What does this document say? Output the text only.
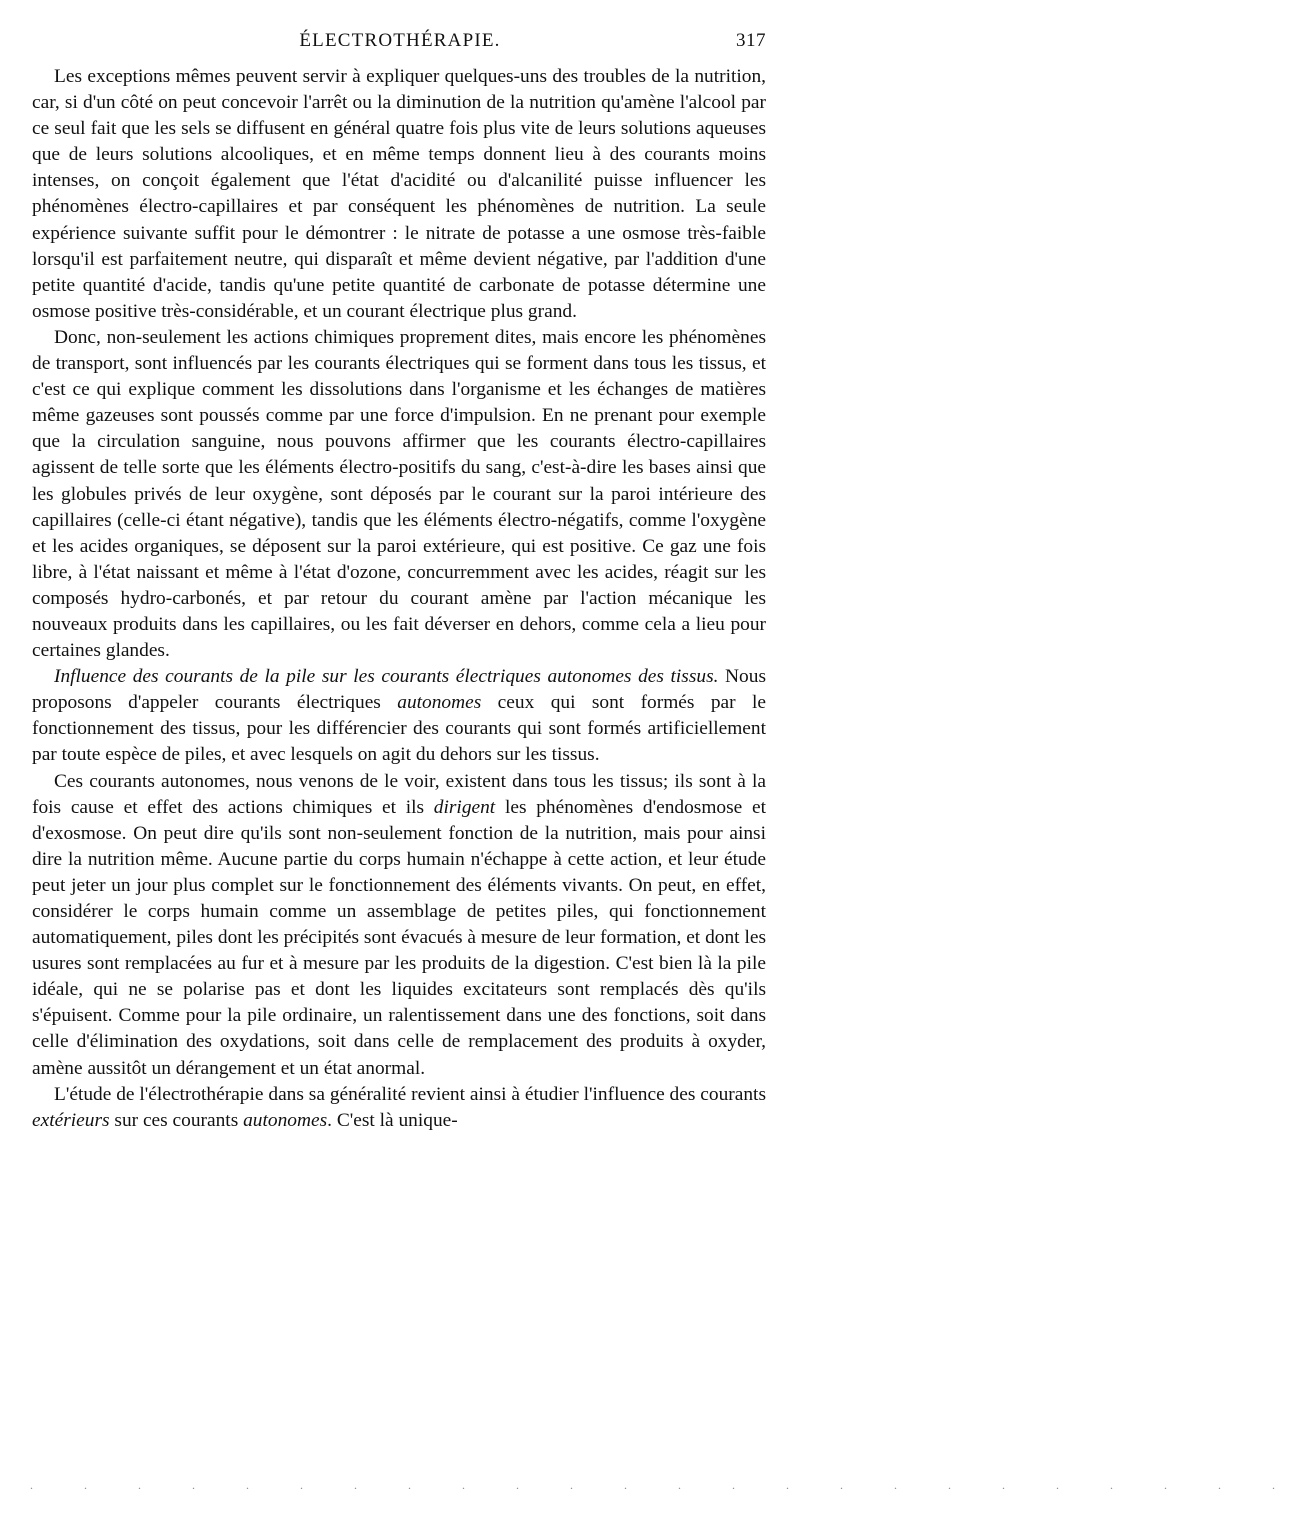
ÉLECTROTHÉRAPIE.	317

Les exceptions mêmes peuvent servir à expliquer quelques-uns des troubles de la nutrition, car, si d'un côté on peut concevoir l'arrêt ou la diminution de la nutrition qu'amène l'alcool par ce seul fait que les sels se diffusent en général quatre fois plus vite de leurs solutions aqueuses que de leurs solutions alcooliques, et en même temps donnent lieu à des courants moins intenses, on conçoit également que l'état d'acidité ou d'alcanilité puisse influencer les phénomènes électro-capillaires et par conséquent les phénomènes de nutrition. La seule expérience suivante suffit pour le démontrer : le nitrate de potasse a une osmose très-faible lorsqu'il est parfaitement neutre, qui disparaît et même devient négative, par l'addition d'une petite quantité d'acide, tandis qu'une petite quantité de carbonate de potasse détermine une osmose positive très-considérable, et un courant électrique plus grand.

Donc, non-seulement les actions chimiques proprement dites, mais encore les phénomènes de transport, sont influencés par les courants électriques qui se forment dans tous les tissus, et c'est ce qui explique comment les dissolutions dans l'organisme et les échanges de matières même gazeuses sont poussés comme par une force d'impulsion. En ne prenant pour exemple que la circulation sanguine, nous pouvons affirmer que les courants électro-capillaires agissent de telle sorte que les éléments électro-positifs du sang, c'est-à-dire les bases ainsi que les globules privés de leur oxygène, sont déposés par le courant sur la paroi intérieure des capillaires (celle-ci étant négative), tandis que les éléments électro-négatifs, comme l'oxygène et les acides organiques, se déposent sur la paroi extérieure, qui est positive. Ce gaz une fois libre, à l'état naissant et même à l'état d'ozone, concurremment avec les acides, réagit sur les composés hydro-carbonés, et par retour du courant amène par l'action mécanique les nouveaux produits dans les capillaires, ou les fait déverser en dehors, comme cela a lieu pour certaines glandes.

Influence des courants de la pile sur les courants électriques autonomes des tissus. Nous proposons d'appeler courants électriques autonomes ceux qui sont formés par le fonctionnement des tissus, pour les différencier des courants qui sont formés artificiellement par toute espèce de piles, et avec lesquels on agit du dehors sur les tissus.

Ces courants autonomes, nous venons de le voir, existent dans tous les tissus; ils sont à la fois cause et effet des actions chimiques et ils dirigent les phénomènes d'endosmose et d'exosmose. On peut dire qu'ils sont non-seulement fonction de la nutrition, mais pour ainsi dire la nutrition même. Aucune partie du corps humain n'échappe à cette action, et leur étude peut jeter un jour plus complet sur le fonctionnement des éléments vivants. On peut, en effet, considérer le corps humain comme un assemblage de petites piles, qui fonctionnement automatiquement, piles dont les précipités sont évacués à mesure de leur formation, et dont les usures sont remplacées au fur et à mesure par les produits de la digestion. C'est bien là la pile idéale, qui ne se polarise pas et dont les liquides excitateurs sont remplacés dès qu'ils s'épuisent. Comme pour la pile ordinaire, un ralentissement dans une des fonctions, soit dans celle d'élimination des oxydations, soit dans celle de remplacement des produits à oxyder, amène aussitôt un dérangement et un état anormal.

L'étude de l'électrothérapie dans sa généralité revient ainsi à étudier l'influence des courants extérieurs sur ces courants autonomes. C'est là unique-

. . . . . . . . . . . . . . . . . . . . . . . .
